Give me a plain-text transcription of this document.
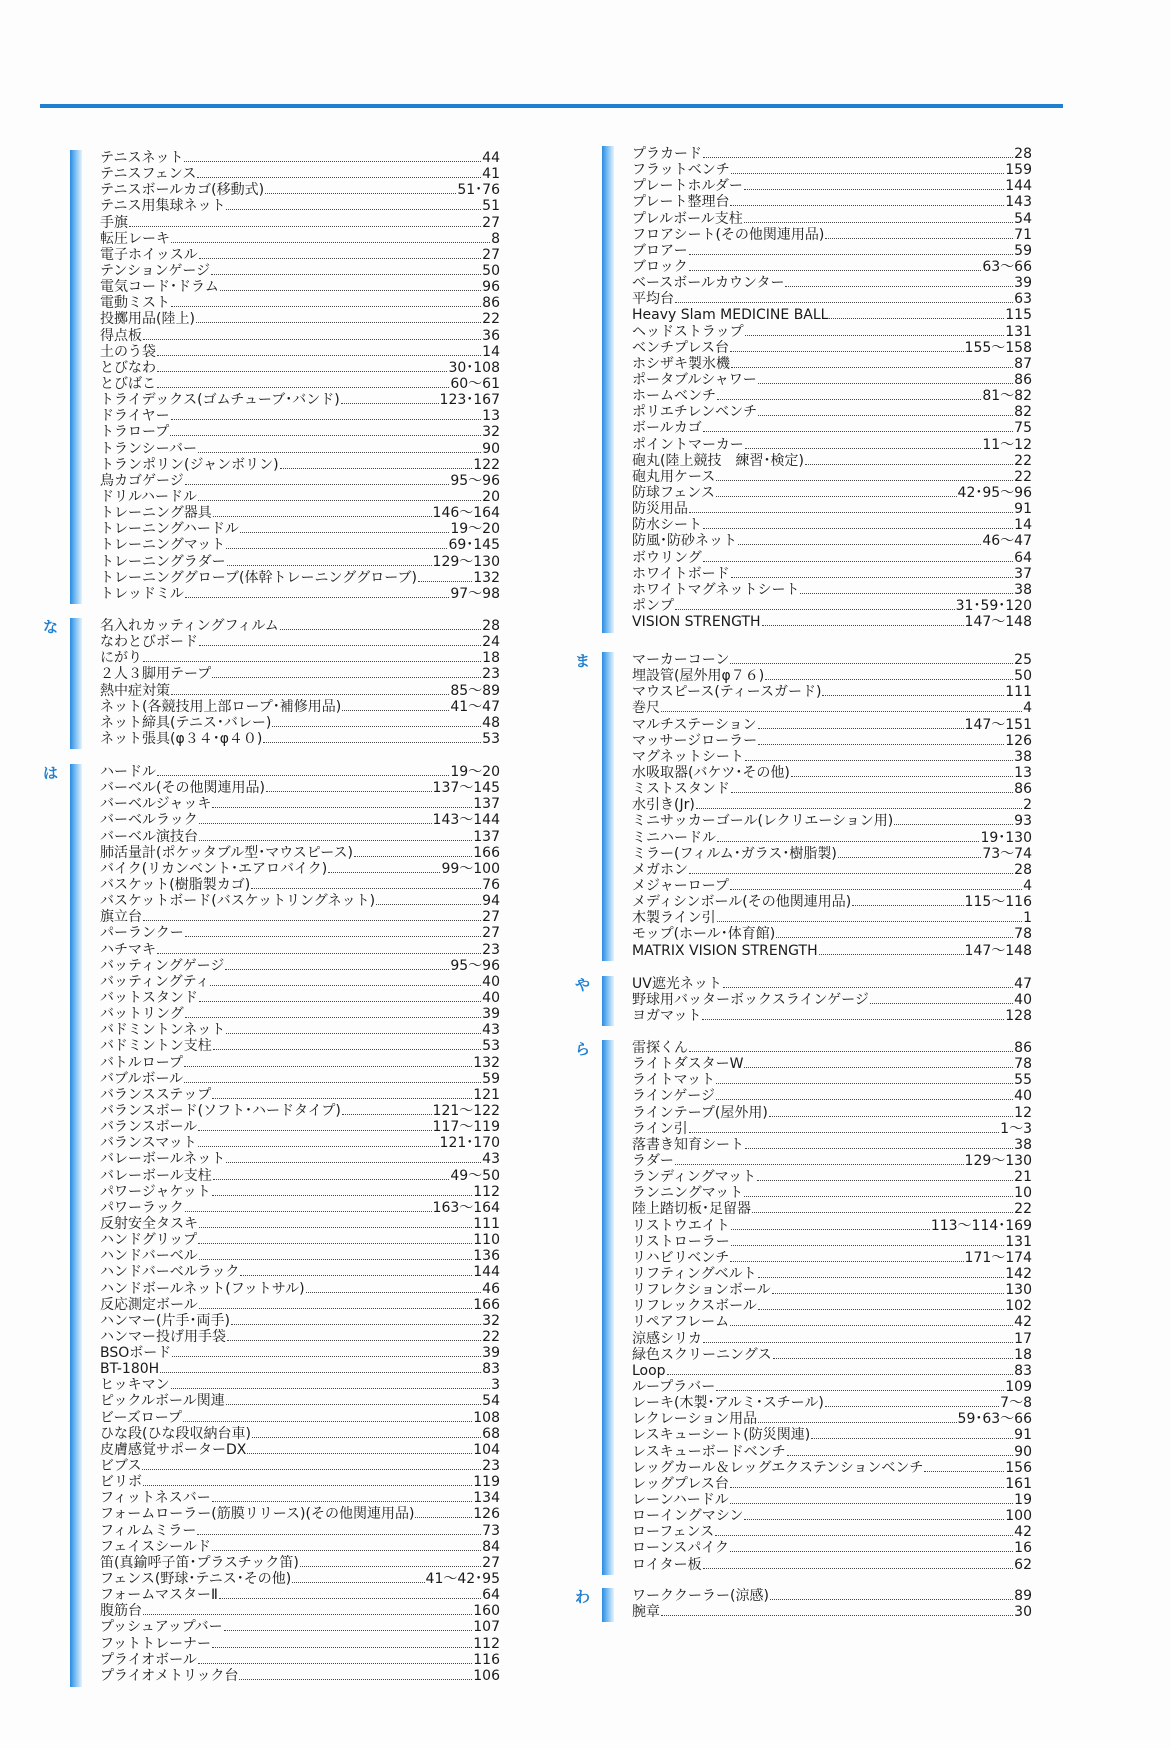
テニスネット	44
テニスフェンス	41
テニスボールカゴ(移動式)	51･76
テニス用集球ネット	51
手旗	27
転圧レーキ	8
電子ホイッスル	27
テンションゲージ	50
電気コード･ドラム	96
電動ミスト	86
投擲用品(陸上)	22
得点板	36
土のう袋	14
とびなわ	30･108
とびばこ	60〜61
トライデックス(ゴムチューブ･バンド)	123･167
ドライヤー	13
トラロープ	32
トランシーバー	90
トランポリン(ジャンボリン)	122
鳥カゴゲージ	95〜96
ドリルハードル	20
トレーニング器具	146〜164
トレーニングハードル	19〜20
トレーニングマット	69･145
トレーニングラダー	129〜130
トレーニンググローブ(体幹トレーニンググローブ)	132
トレッドミル	97〜98
な	名入れカッティングフィルム	28
なわとびボード	24
にがり	18
２人３脚用テープ	23
熱中症対策	85〜89
ネット(各競技用上部ロープ･補修用品)	41〜47
ネット締具(テニス･バレー)	48
ネット張具(φ３４･φ４０)	53
は	ハードル	19〜20
バーベル(その他関連用品)	137〜145
バーベルジャッキ	137
バーベルラック	143〜144
バーベル演技台	137
肺活量計(ポケッタブル型･マウスピース)	166
バイク(リカンベント･エアロバイク)	99〜100
バスケット(樹脂製カゴ)	76
バスケットボード(バスケットリングネット)	94
旗立台	27
パーランクー	27
ハチマキ	23
バッティングゲージ	95〜96
バッティングティ	40
バットスタンド	40
バットリング	39
バドミントンネット	43
バドミントン支柱	53
バトルロープ	132
バブルボール	59
バランスステップ	121
バランスボード(ソフト･ハードタイプ)	121〜122
バランスボール	117〜119
バランスマット	121･170
バレーボールネット	43
バレーボール支柱	49〜50
パワージャケット	112
パワーラック	163〜164
反射安全タスキ	111
ハンドグリップ	110
ハンドバーベル	136
ハンドバーベルラック	144
ハンドボールネット(フットサル)	46
反応測定ボール	166
ハンマー(片手･両手)	32
ハンマー投げ用手袋	22
BSOボード	39
BT-180H	83
ヒッキマン	3
ピックルボール関連	54
ビーズロープ	108
ひな段(ひな段収納台車)	68
皮膚感覚サポーターDX	104
ビブス	23
ビリボ	119
フィットネスバー	134
フォームローラー(筋膜リリース)(その他関連用品)	126
フィルムミラー	73
フェイスシールド	84
笛(真鍮呼子笛･プラスチック笛)	27
フェンス(野球･テニス･その他)	41〜42･95
フォームマスターⅡ	64
腹筋台	160
プッシュアップバー	107
フットトレーナー	112
プライオボール	116
プライオメトリック台	106
プラカード	28
フラットベンチ	159
プレートホルダー	144
プレート整理台	143
プレルボール支柱	54
フロアシート(その他関連用品)	71
ブロアー	59
ブロック	63〜66
ベースボールカウンター	39
平均台	63
Heavy Slam MEDICINE BALL	115
ヘッドストラップ	131
ベンチプレス台	155〜158
ホシザキ製氷機	87
ポータブルシャワー	86
ホームベンチ	81〜82
ポリエチレンベンチ	82
ボールカゴ	75
ポイントマーカー	11〜12
砲丸(陸上競技　練習･検定)	22
砲丸用ケース	22
防球フェンス	42･95〜96
防災用品	91
防水シート	14
防風･防砂ネット	46〜47
ボウリング	64
ホワイトボード	37
ホワイトマグネットシート	38
ポンプ	31･59･120
VISION STRENGTH	147〜148
ま	マーカーコーン	25
埋設管(屋外用φ７６)	50
マウスピース(ティースガード)	111
巻尺	4
マルチステーション	147〜151
マッサージローラー	126
マグネットシート	38
水吸取器(バケツ･その他)	13
ミストスタンド	86
水引き(Jr)	2
ミニサッカーゴール(レクリエーション用)	93
ミニハードル	19･130
ミラー(フィルム･ガラス･樹脂製)	73〜74
メガホン	28
メジャーロープ	4
メディシンボール(その他関連用品)	115〜116
木製ライン引	1
モップ(ホール･体育館)	78
MATRIX VISION STRENGTH	147〜148
や	UV遮光ネット	47
野球用バッターボックスラインゲージ	40
ヨガマット	128
ら	雷探くん	86
ライトダスターW	78
ライトマット	55
ラインゲージ	40
ラインテープ(屋外用)	12
ライン引	1〜3
落書き知育シート	38
ラダー	129〜130
ランディングマット	21
ランニングマット	10
陸上踏切板･足留器	22
リストウエイト	113〜114･169
リストローラー	131
リハビリベンチ	171〜174
リフティングベルト	142
リフレクションボール	130
リフレックスボール	102
リペアフレーム	42
涼感シリカ	17
緑色スクリーニングス	18
Loop	83
ループラバー	109
レーキ(木製･アルミ･スチール)	7〜8
レクレーション用品	59･63〜66
レスキューシート(防災関連)	91
レスキューボードベンチ	90
レッグカール＆レッグエクステンションベンチ	156
レッグプレス台	161
レーンハードル	19
ローイングマシン	100
ローフェンス	42
ローンスパイク	16
ロイター板	62
わ	ワーククーラー(涼感)	89
腕章	30
